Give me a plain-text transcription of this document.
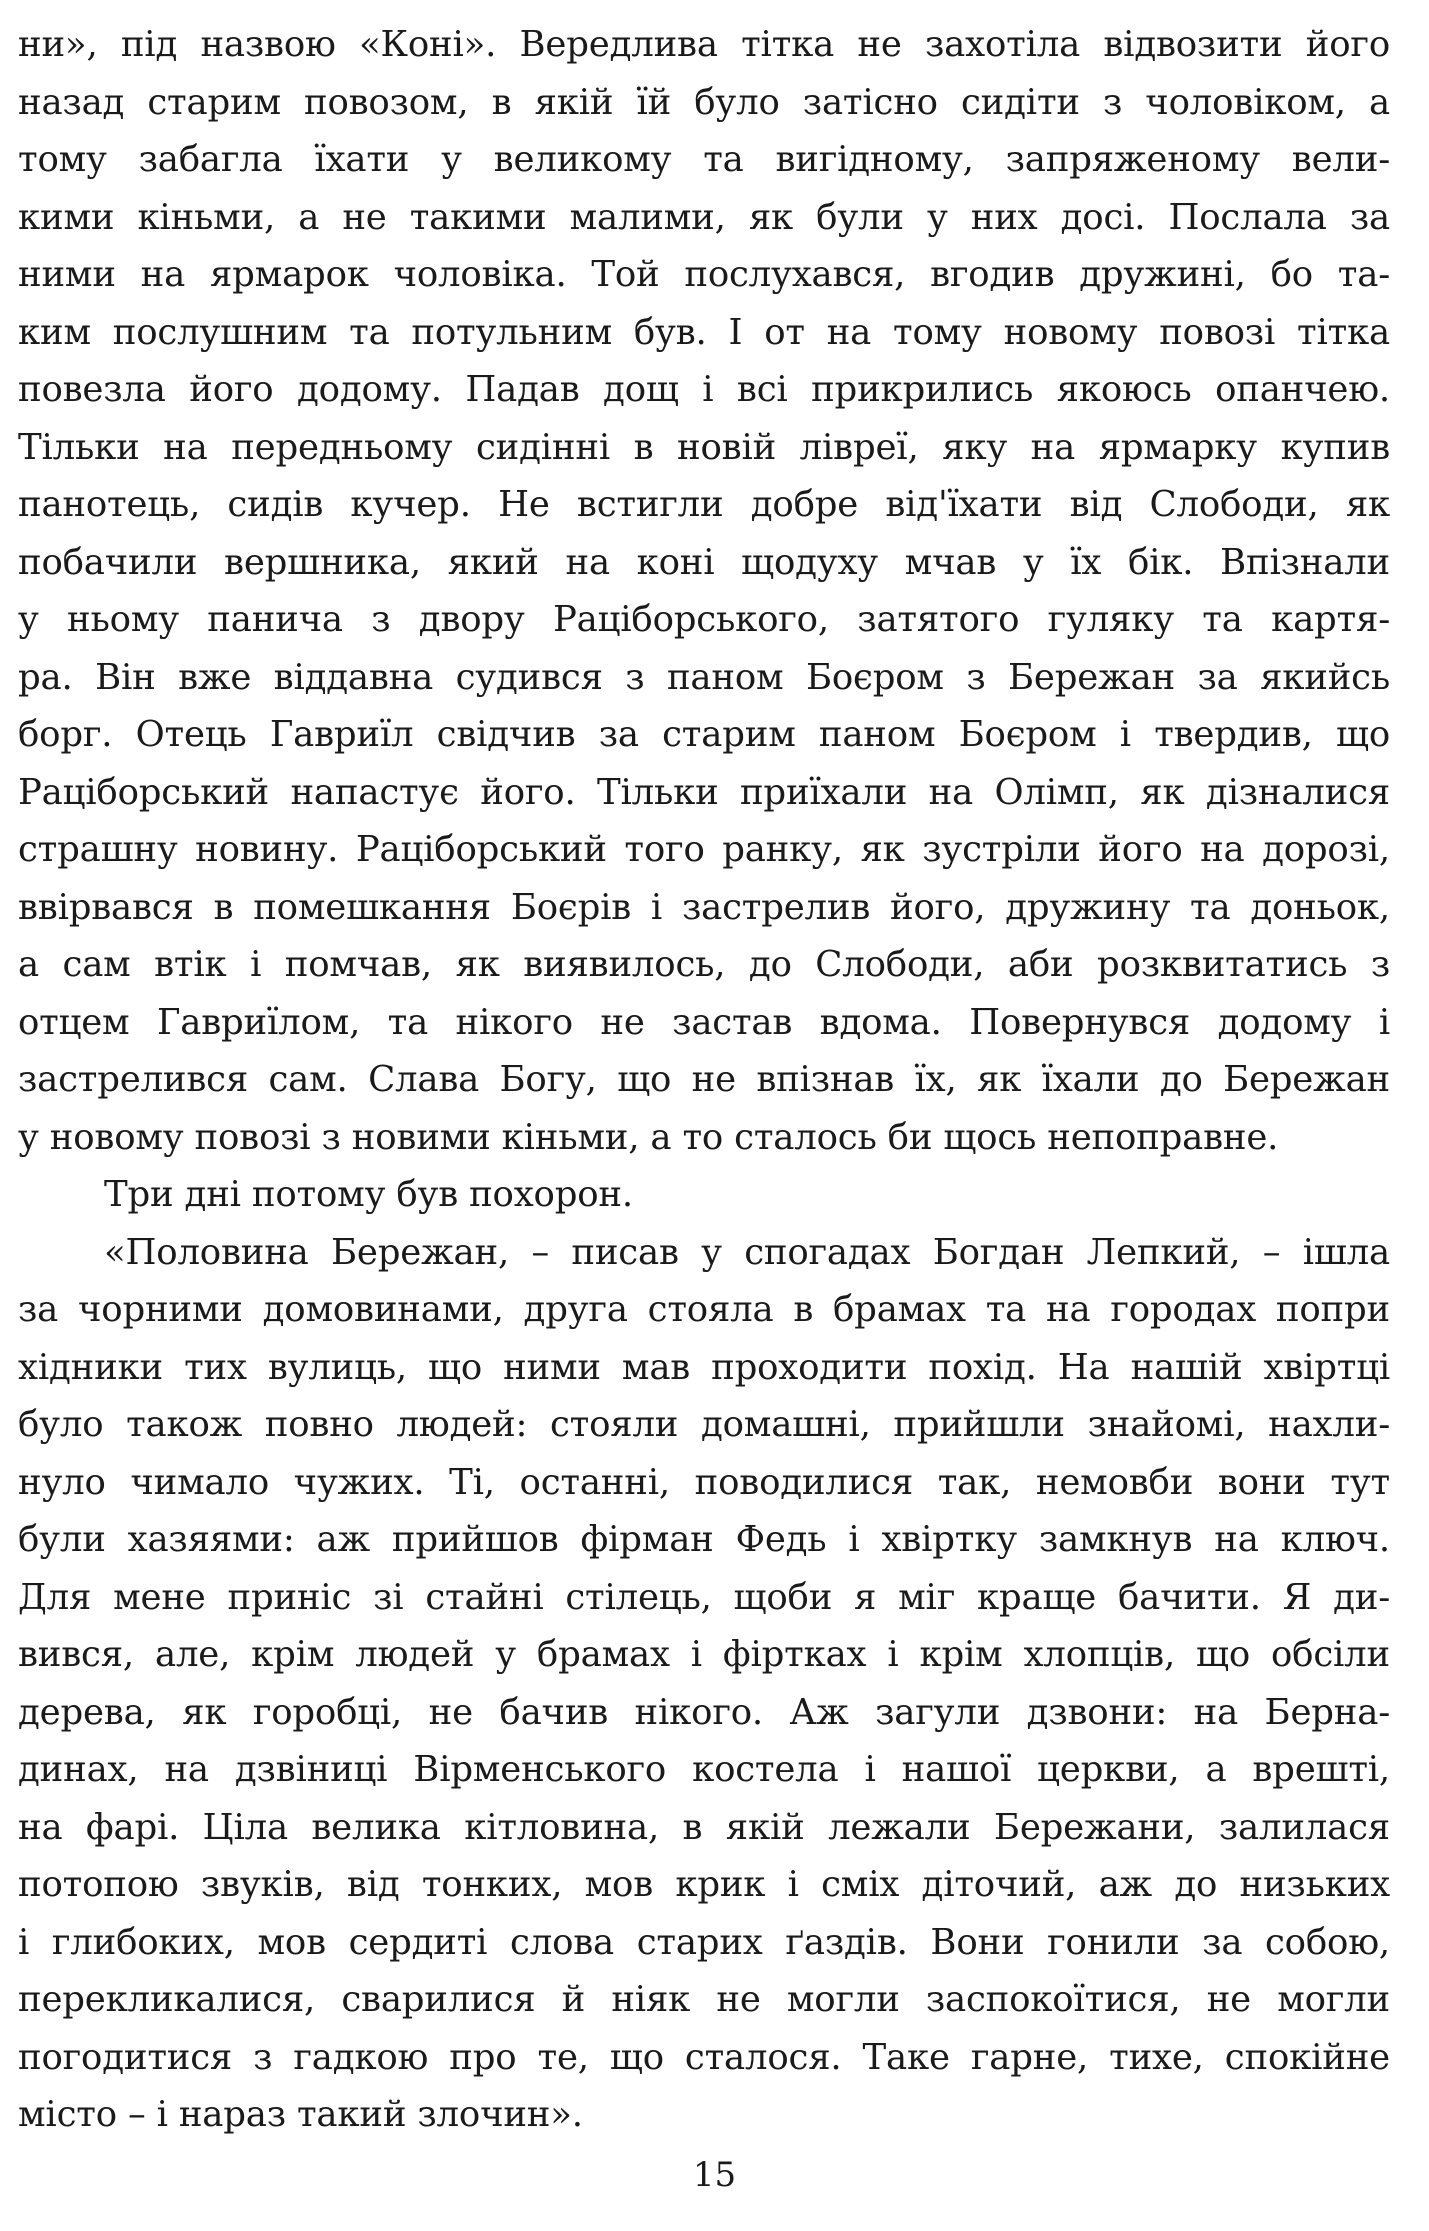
ни», під назвою «Коні». Вередлива тітка не захотіла відвозити його
назад старим повозом, в якій їй було затісно сидіти з чоловіком, а
тому забагла їхати у великому та вигідному, запряженому вели-
кими кіньми, а не такими малими, як були у них досі. Послала за
ними на ярмарок чоловіка. Той послухався, вгодив дружині, бо та-
ким послушним та потульним був. І от на тому новому повозі тітка
повезла його додому. Падав дощ і всі прикрились якоюсь опанчею.
Тільки на передньому сидінні в новій ліврeї, яку на ярмарку купив
панотець, сидів кучер. Не встигли добре від'їхати від Слободи, як
побачили вершника, який на коні щодуху мчав у їх бік. Впізнали
у ньому панича з двору Раціборського, затятого гуляку та картя-
ра. Він вже віддавна судився з паном Боєром з Бережан за якийсь
борг. Отець Гавриїл свідчив за старим паном Боєром і твердив, що
Раціборський напастує його. Тільки приїхали на Олімп, як дізналися
страшну новину. Раціборський того ранку, як зустріли його на дорозі,
ввірвався в помешкання Боєрів і застрелив його, дружину та доньок,
а сам втік і помчав, як виявилось, до Слободи, аби розквитатись з
отцем Гавриїлом, та нікого не застав вдома. Повернувся додому і
застрелився сам. Слава Богу, що не впізнав їх, як їхали до Бережан
у новому повозі з новими кіньми, а то сталось би щось непоправне.
Три дні потому був похорон.
«Половина Бережан, – писав у спогадах Богдан Лепкий, – ішла
за чорними домовинами, друга стояла в брамах та на городах попри
хідники тих вулиць, що ними мав проходити похід. На нашій хвіртці
було також повно людей: стояли домашні, прийшли знайомі, нахли-
нуло чимало чужих. Ті, останні, поводилися так, немовби вони тут
були хазяями: аж прийшов фірман Федь і хвіртку замкнув на ключ.
Для мене приніс зі стайні стілець, щоби я міг краще бачити. Я ди-
вився, але, крім людей у брамах і фіртках і крім хлопців, що обсіли
дерева, як горобці, не бачив нікого. Аж загули дзвони: на Берна-
динах, на дзвіниці Вірменського костела і нашої церкви, а врешті,
на фарі. Ціла велика кітловина, в якій лежали Бережани, залилася
потопою звуків, від тонких, мов крик і сміх діточий, аж до низьких
і глибоких, мов сердиті слова старих ґаздів. Вони гонили за собою,
перекликалися, сварилися й ніяк не могли заспокоїтися, не могли
погодитися з гадкою про те, що сталося. Таке гарне, тихе, спокійне
місто – і нараз такий злочин».
15
